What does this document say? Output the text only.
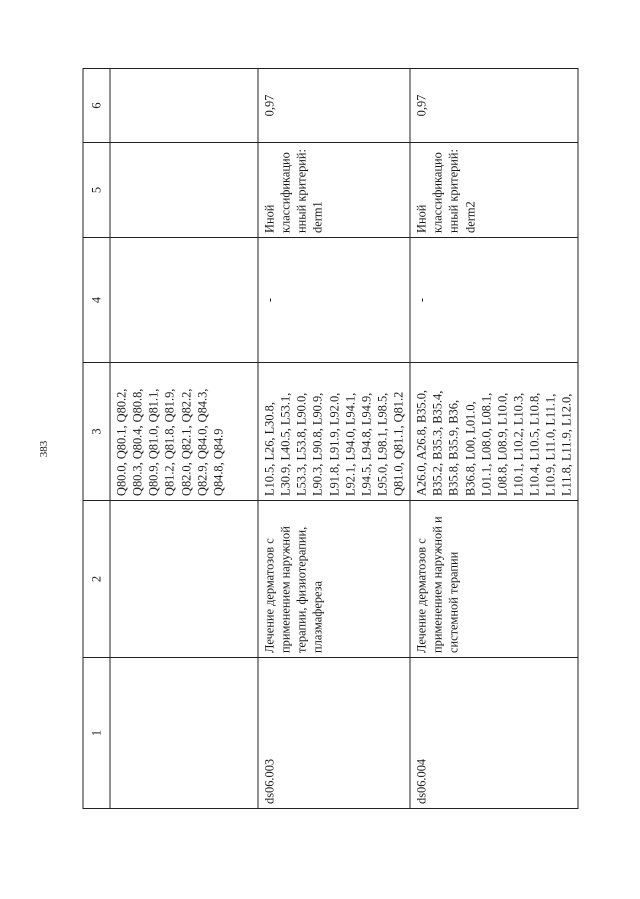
383
1	2	3	4	5	6
		Q80.0, Q80.1, Q80.2, Q80.3, Q80.4, Q80.8, Q80.9, Q81.0, Q81.1, Q81.2, Q81.8, Q81.9, Q82.0, Q82.1, Q82.2, Q82.9, Q84.0, Q84.3, Q84.8, Q84.9			
ds06.003	Лечение дерматозов с применением наружной терапии, физиотерапии, плазмафереза	L10.5, L26, L30.8, L30.9, L40.5, L53.1, L53.3, L53.8, L90.0, L90.3, L90.8, L90.9, L91.8, L91.9, L92.0, L92.1, L94.0, L94.1, L94.5, L94.8, L94.9, L95.0, L98.1, L98.5, Q81.0, Q81.1, Q81.2	-	Иной классификационный критерий: derm1	0,97
ds06.004	Лечение дерматозов с применением наружной и системной терапии	A26.0, A26.8, B35.0, B35.2, B35.3, B35.4, B35.8, B35.9, B36, B36.8, L00, L01.0, L01.1, L08.0, L08.1, L08.8, L08.9, L10.0, L10.1, L10.2, L10.3, L10.4, L10.5, L10.8, L10.9, L11.0, L11.1, L11.8, L11.9, L12.0,	-	Иной классификационный критерий: derm2	0,97
